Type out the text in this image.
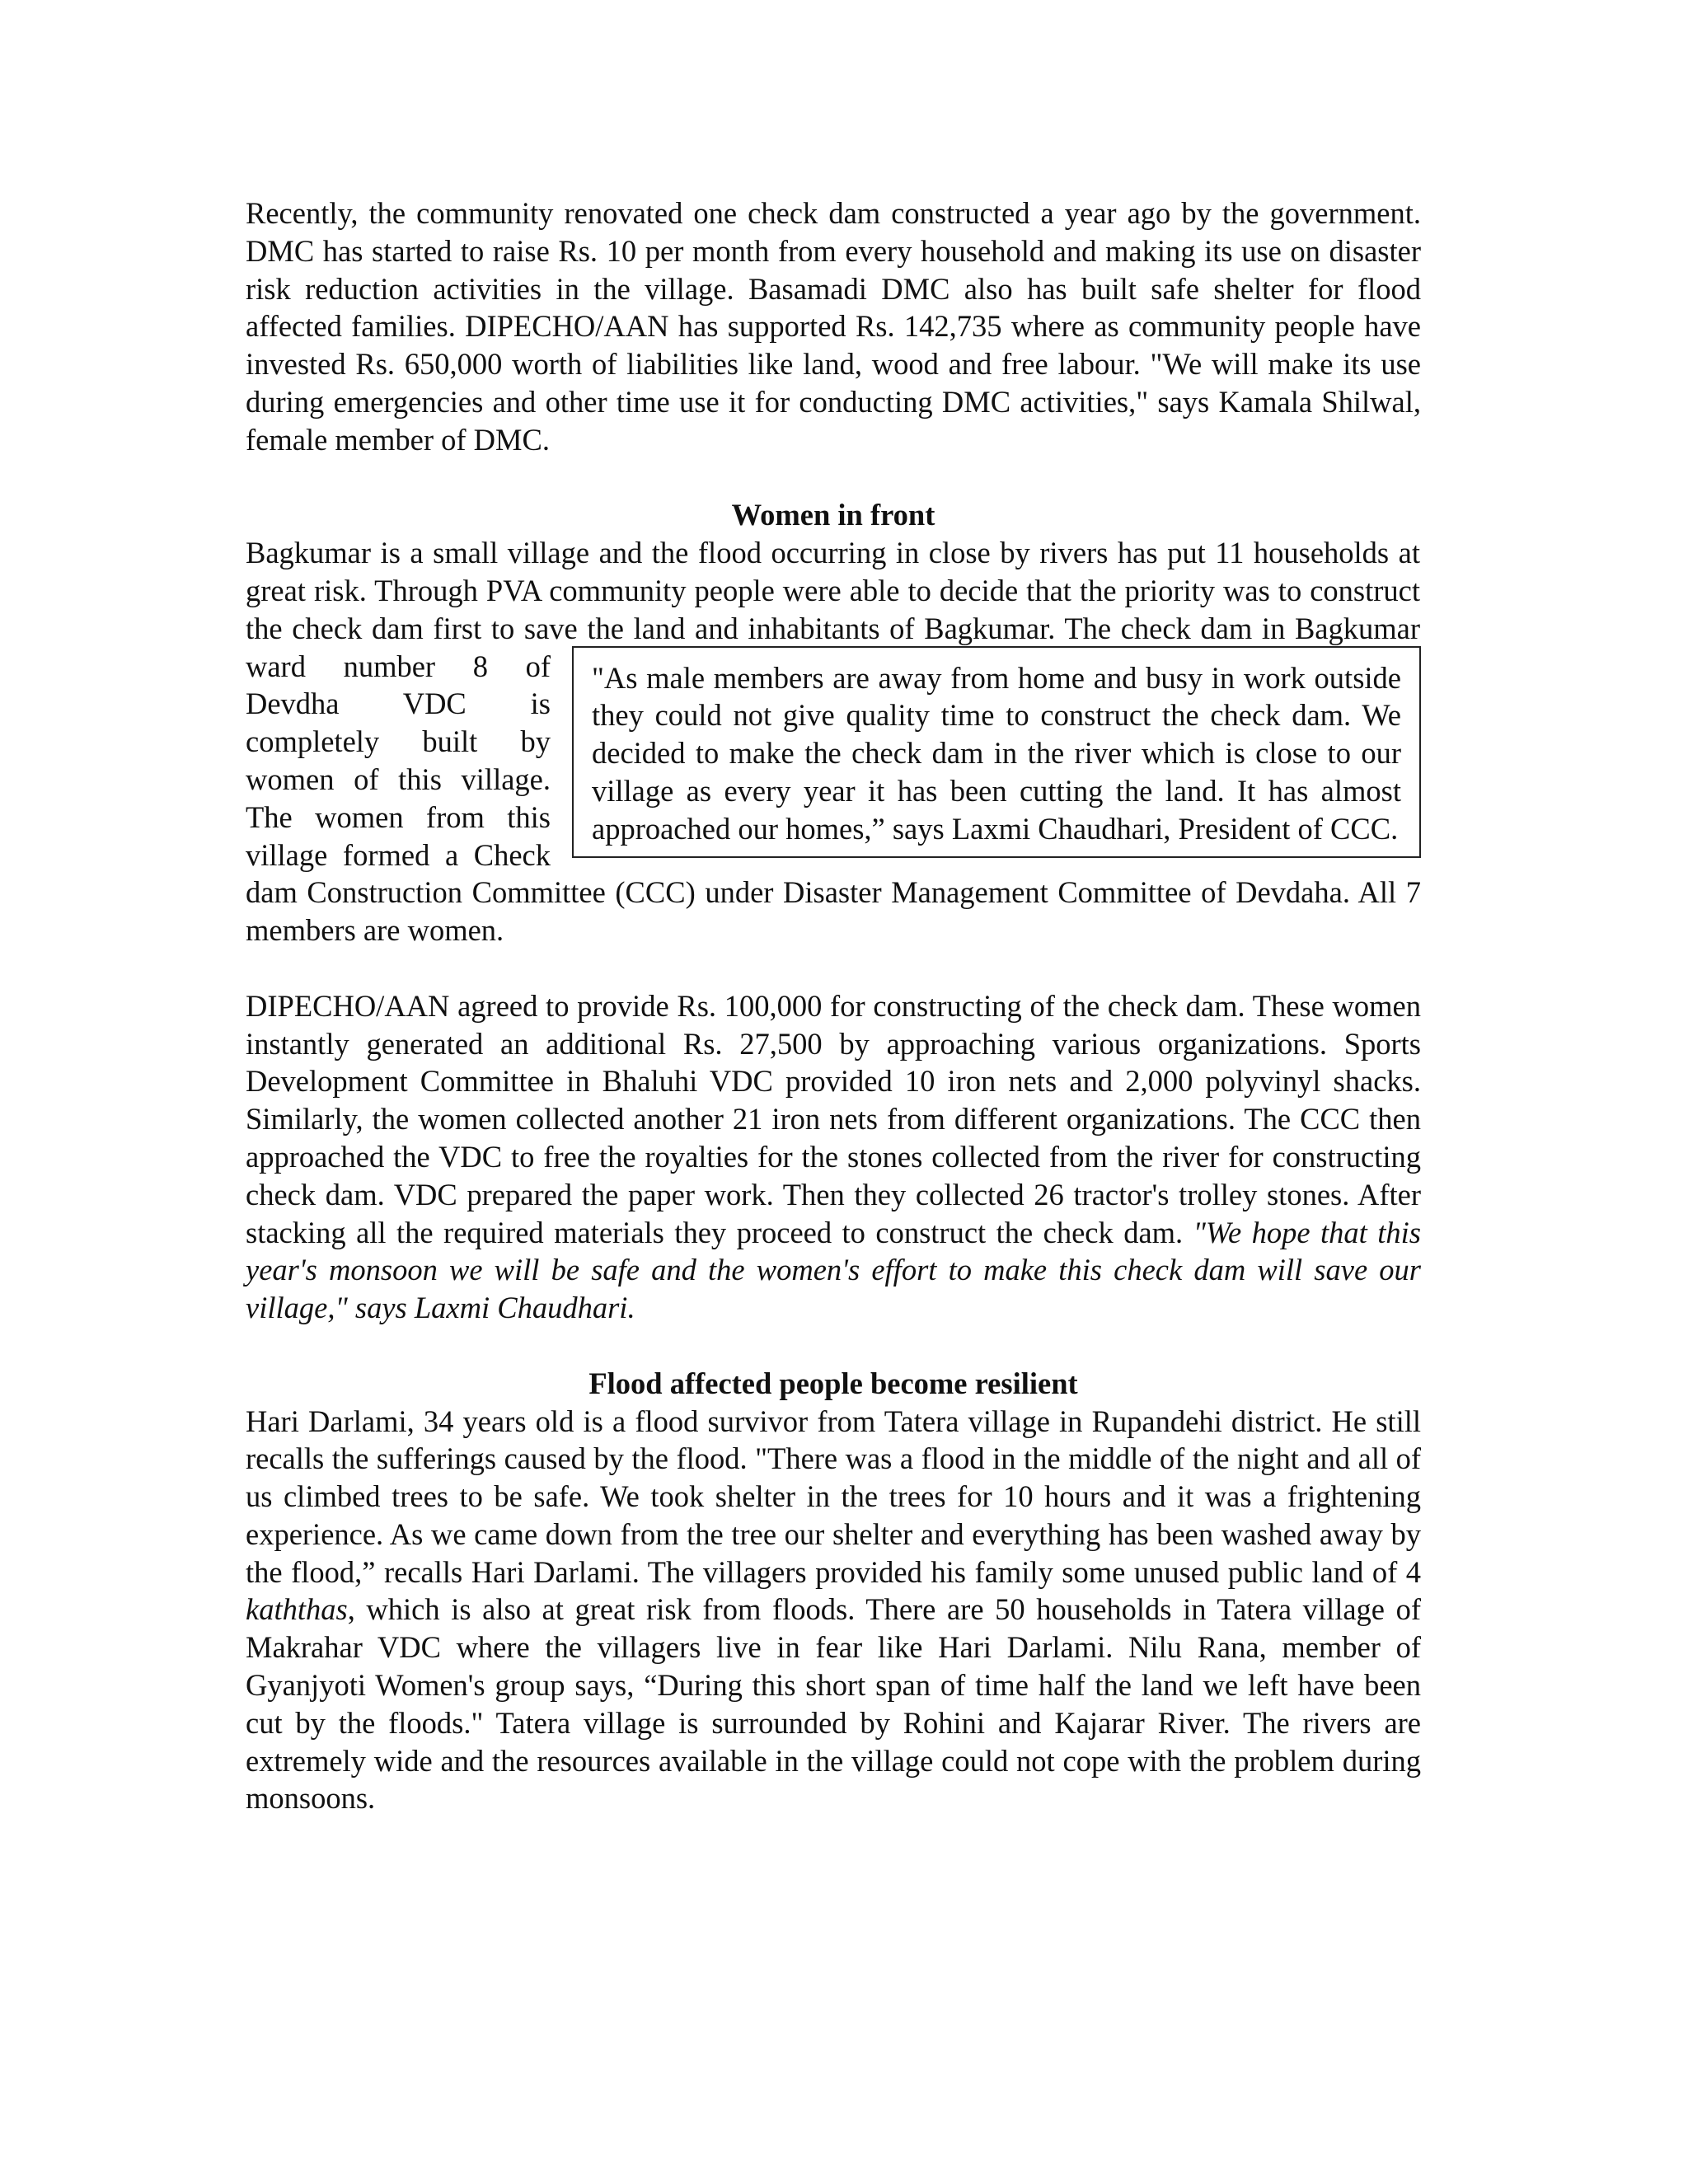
Recently, the community renovated one check dam constructed a year ago by the government. DMC has started to raise Rs. 10 per month from every household and making its use on disaster risk reduction activities in the village. Basamadi DMC also has built safe shelter for flood affected families. DIPECHO/AAN has supported Rs. 142,735 where as community people have invested Rs. 650,000 worth of liabilities like land, wood and free labour. "We will make its use during emergencies and other time use it for conducting DMC activities," says Kamala Shilwal, female member of DMC.

Women in front

"As male members are away from home and busy in work outside they could not give quality time to construct the check dam. We decided to make the check dam in the river which is close to our village as every year it has been cutting the land. It has almost approached our homes,” says Laxmi Chaudhari, President of CCC.

Bagkumar is a small village and the flood occurring in close by rivers has put 11 households at great risk. Through PVA community people were able to decide that the priority was to construct the check dam first to save the land and inhabitants of Bagkumar. The check dam in Bagkumar ward number 8 of Devdha VDC is completely built by women of this village. The women from this village formed a Check dam Construction Committee (CCC) under Disaster Management Committee of Devdaha. All 7 members are women.

DIPECHO/AAN agreed to provide Rs. 100,000 for constructing of the check dam. These women instantly generated an additional Rs. 27,500 by approaching various organizations. Sports Development Committee in Bhaluhi VDC provided 10 iron nets and 2,000 polyvinyl shacks. Similarly, the women collected another 21 iron nets from different organizations. The CCC then approached the VDC to free the royalties for the stones collected from the river for constructing check dam. VDC prepared the paper work. Then they collected 26 tractor's trolley stones. After stacking all the required materials they proceed to construct the check dam. "We hope that this year's monsoon we will be safe and the women's effort to make this check dam will save our village," says Laxmi Chaudhari.

Flood affected people become resilient

Hari Darlami, 34 years old is a flood survivor from Tatera village in Rupandehi district. He still recalls the sufferings caused by the flood. "There was a flood in the middle of the night and all of us climbed trees to be safe. We took shelter in the trees for 10 hours and it was a frightening experience. As we came down from the tree our shelter and everything has been washed away by the flood,” recalls Hari Darlami. The villagers provided his family some unused public land of 4 kaththas, which is also at great risk from floods. There are 50 households in Tatera village of Makrahar VDC where the villagers live in fear like Hari Darlami. Nilu Rana, member of Gyanjyoti Women's group says, “During this short span of time half the land we left have been cut by the floods." Tatera village is surrounded by Rohini and Kajarar River. The rivers are extremely wide and the resources available in the village could not cope with the problem during monsoons.
